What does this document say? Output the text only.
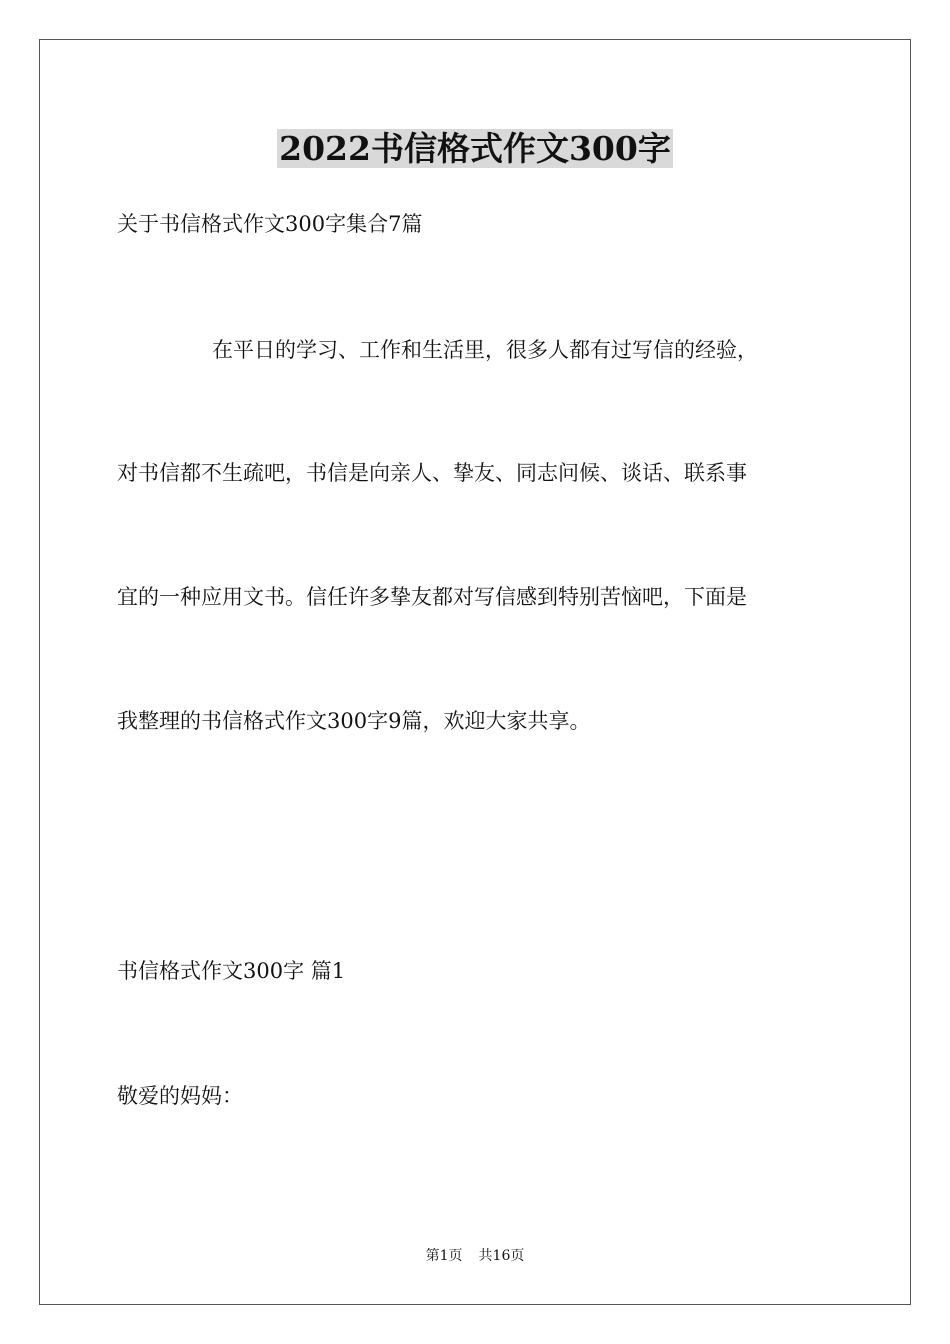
2022书信格式作文300字
关于书信格式作文300字集合7篇
在平日的学习、工作和生活里，很多人都有过写信的经验，
对书信都不生疏吧，书信是向亲人、挚友、同志问候、谈话、联系事
宜的一种应用文书。信任许多挚友都对写信感到特别苦恼吧，下面是
我整理的书信格式作文300字9篇，欢迎大家共享。
书信格式作文300字 篇1
敬爱的妈妈：
第1页 共16页
